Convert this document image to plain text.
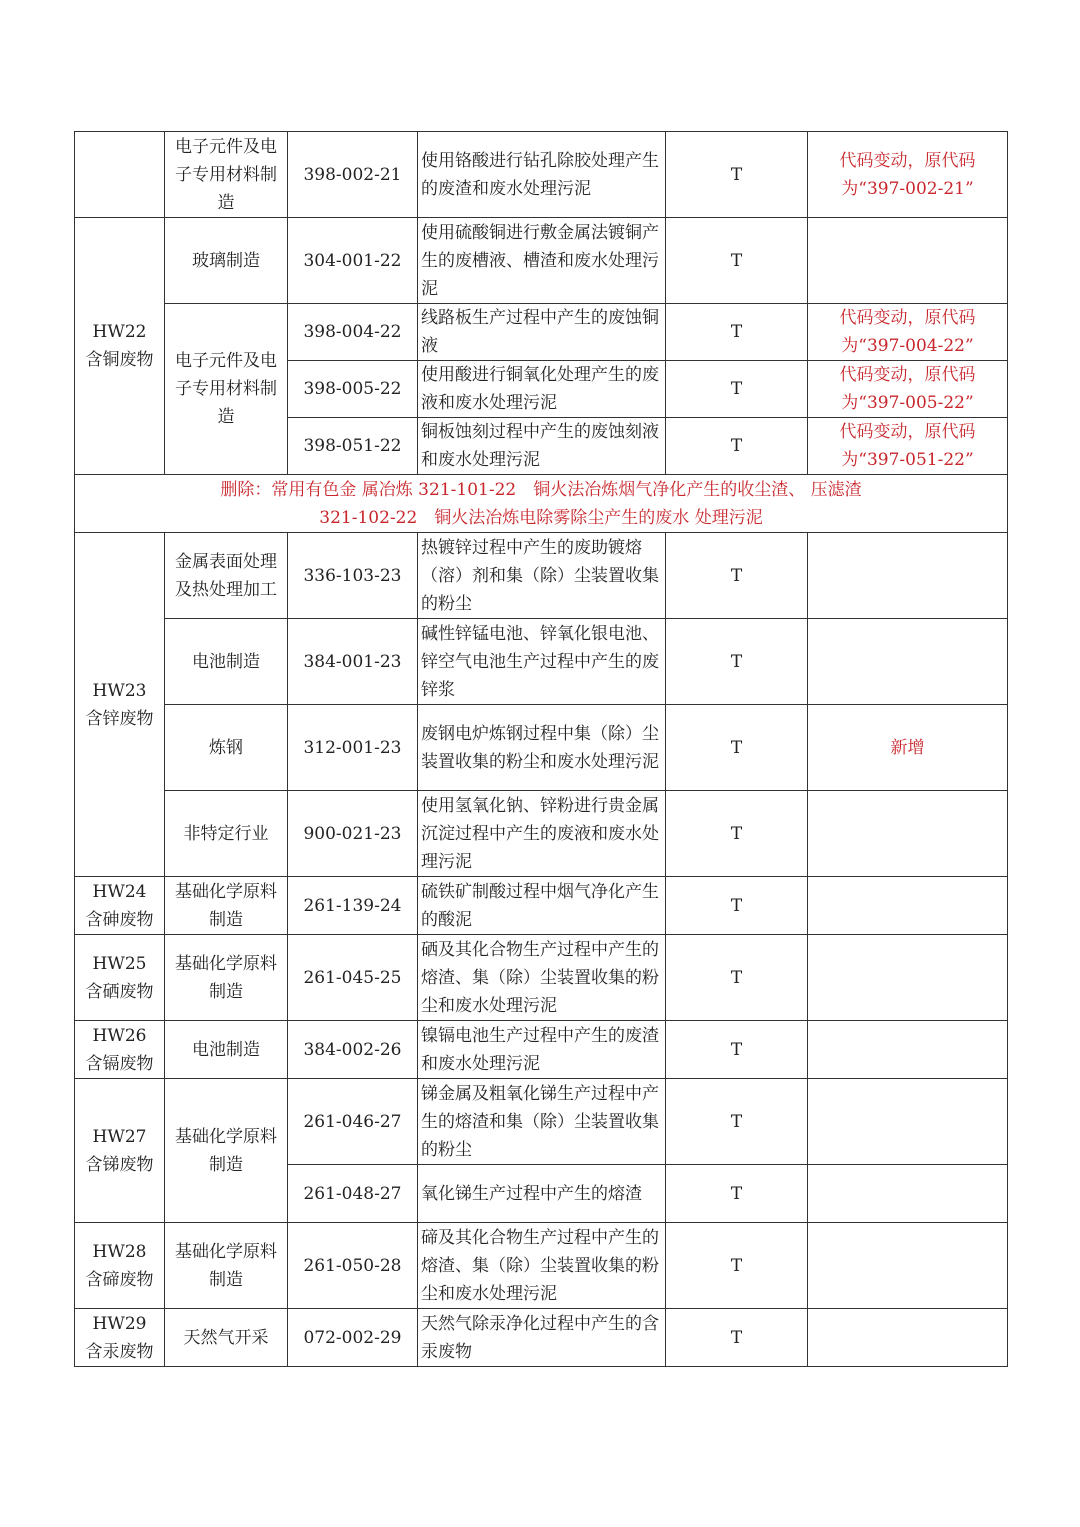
	电子元件及电子专用材料制造	398-002-21	使用铬酸进行钻孔除胶处理产生的废渣和废水处理污泥	T	代码变动，原代码为“397-002-21”
HW22
含铜废物	玻璃制造	304-001-22	使用硫酸铜进行敷金属法镀铜产生的废槽液、槽渣和废水处理污泥	T	
	电子元件及电子专用材料制造	398-004-22	线路板生产过程中产生的废蚀铜液	T	代码变动，原代码为“397-004-22”
		398-005-22	使用酸进行铜氧化处理产生的废液和废水处理污泥	T	代码变动，原代码为“397-005-22”
		398-051-22	铜板蚀刻过程中产生的废蚀刻液和废水处理污泥	T	代码变动，原代码为“397-051-22”
删除：常用有色金 属冶炼 321-101-22　铜火法冶炼烟气净化产生的收尘渣、 压滤渣
321-102-22　铜火法冶炼电除雾除尘产生的废水 处理污泥					
HW23
含锌废物	金属表面处理及热处理加工	336-103-23	热镀锌过程中产生的废助镀熔（溶）剂和集（除）尘装置收集的粉尘	T	
	电池制造	384-001-23	碱性锌锰电池、锌氧化银电池、锌空气电池生产过程中产生的废锌浆	T	
	炼钢	312-001-23	废钢电炉炼钢过程中集（除）尘装置收集的粉尘和废水处理污泥	T	新增
	非特定行业	900-021-23	使用氢氧化钠、锌粉进行贵金属沉淀过程中产生的废液和废水处理污泥	T	
HW24
含砷废物	基础化学原料制造	261-139-24	硫铁矿制酸过程中烟气净化产生的酸泥	T	
HW25
含硒废物	基础化学原料制造	261-045-25	硒及其化合物生产过程中产生的熔渣、集（除）尘装置收集的粉尘和废水处理污泥	T	
HW26
含镉废物	电池制造	384-002-26	镍镉电池生产过程中产生的废渣和废水处理污泥	T	
HW27
含锑废物	基础化学原料制造	261-046-27	锑金属及粗氧化锑生产过程中产生的熔渣和集（除）尘装置收集的粉尘	T	
		261-048-27	氧化锑生产过程中产生的熔渣	T	
HW28
含碲废物	基础化学原料制造	261-050-28	碲及其化合物生产过程中产生的熔渣、集（除）尘装置收集的粉尘和废水处理污泥	T	
HW29
含汞废物	天然气开采	072-002-29	天然气除汞净化过程中产生的含汞废物	T	
